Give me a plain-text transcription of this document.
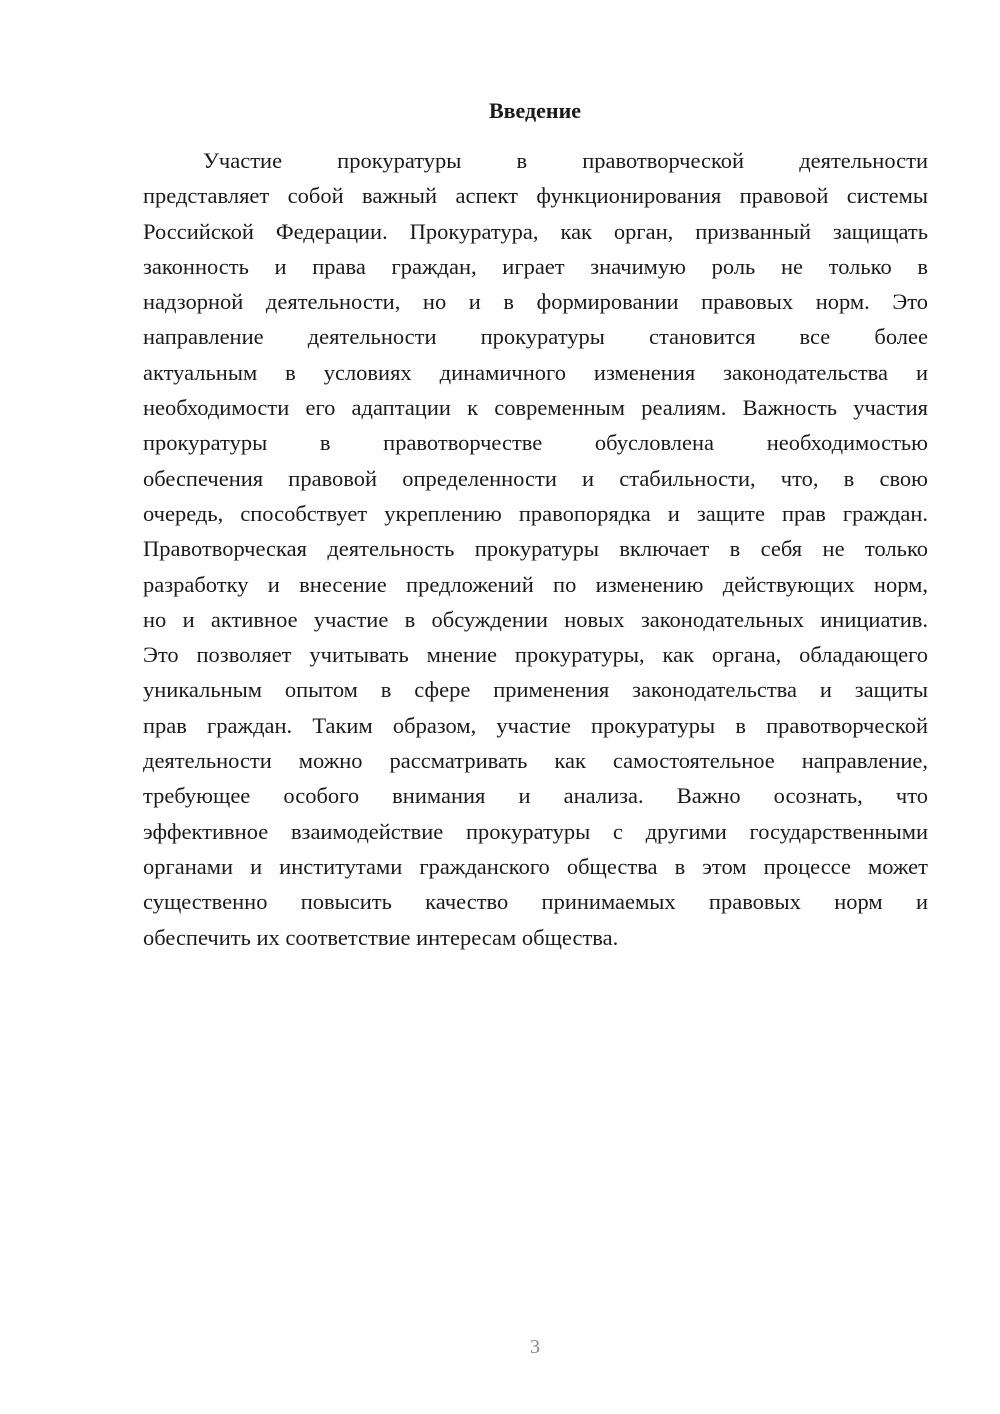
Введение
Участие прокуратуры в правотворческой деятельности
представляет собой важный аспект функционирования правовой системы
Российской Федерации. Прокуратура, как орган, призванный защищать
законность и права граждан, играет значимую роль не только в
надзорной деятельности, но и в формировании правовых норм. Это
направление деятельности прокуратуры становится все более
актуальным в условиях динамичного изменения законодательства и
необходимости его адаптации к современным реалиям. Важность участия
прокуратуры в правотворчестве обусловлена необходимостью
обеспечения правовой определенности и стабильности, что, в свою
очередь, способствует укреплению правопорядка и защите прав граждан.
Правотворческая деятельность прокуратуры включает в себя не только
разработку и внесение предложений по изменению действующих норм,
но и активное участие в обсуждении новых законодательных инициатив.
Это позволяет учитывать мнение прокуратуры, как органа, обладающего
уникальным опытом в сфере применения законодательства и защиты
прав граждан. Таким образом, участие прокуратуры в правотворческой
деятельности можно рассматривать как самостоятельное направление,
требующее особого внимания и анализа. Важно осознать, что
эффективное взаимодействие прокуратуры с другими государственными
органами и институтами гражданского общества в этом процессе может
существенно повысить качество принимаемых правовых норм и
обеспечить их соответствие интересам общества.
3
